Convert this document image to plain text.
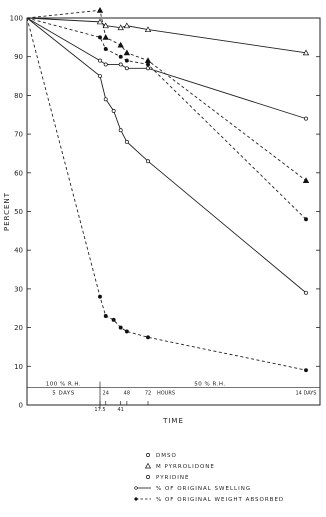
0
10
20
30
40
50
60
70
80
90
100
100 % R.H.
5 DAYS
50 % R.H.
17.5
24
41
48	72 HOURS	14 DAYS
PERCENT
TIME
DMSO
M PYRROLIDONE
PYRIDINE
% OF ORIGINAL SWELLING
% OF ORIGINAL WEIGHT ABSORBED
